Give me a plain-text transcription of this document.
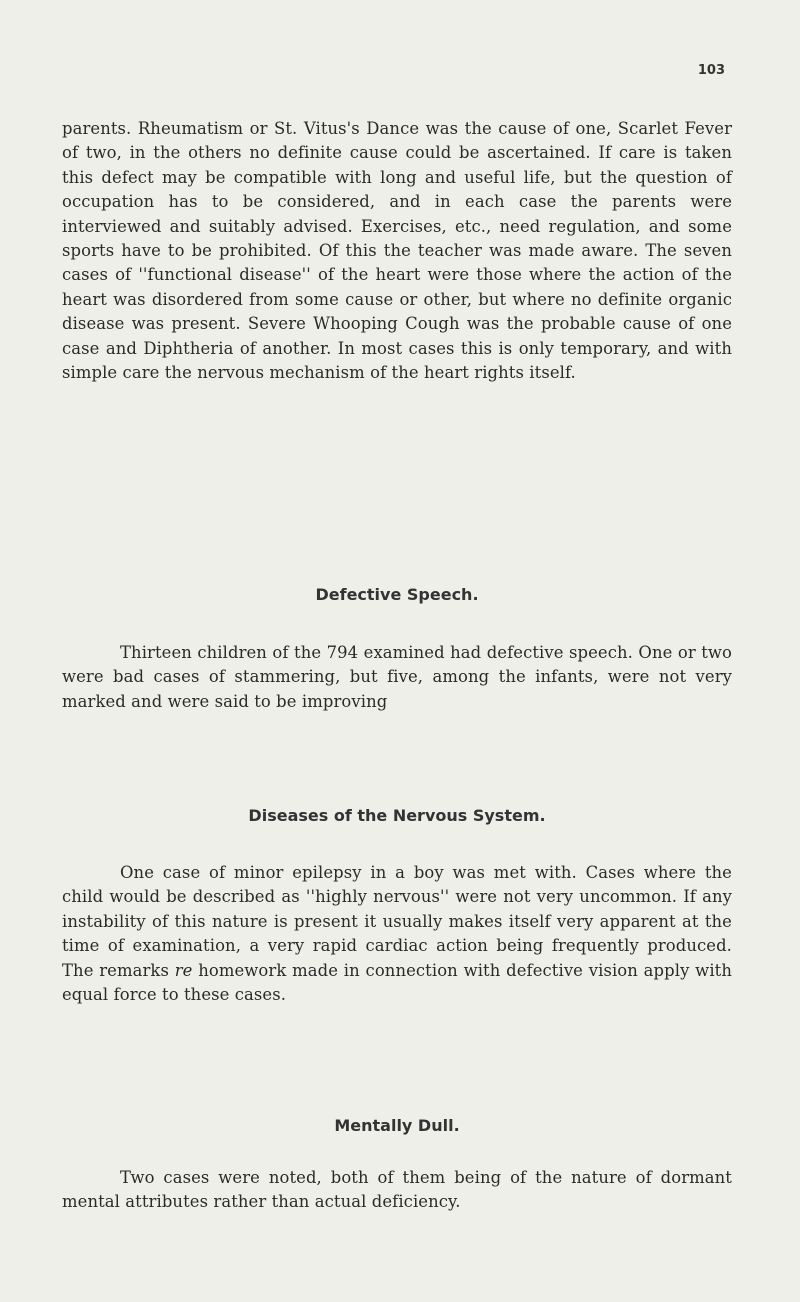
103

parents. Rheumatism or St. Vitus's Dance was the cause of one, Scarlet Fever of two, in the others no definite cause could be ascertained. If care is taken this defect may be compatible with long and useful life, but the question of occupation has to be considered, and in each case the parents were interviewed and suitably advised. Exercises, etc., need regulation, and some sports have to be prohibited. Of this the teacher was made aware. The seven cases of ''functional disease'' of the heart were those where the action of the heart was disordered from some cause or other, but where no definite organic disease was present. Severe Whooping Cough was the probable cause of one case and Diphtheria of another. In most cases this is only temporary, and with simple care the nervous mechanism of the heart rights itself.

Defective Speech.

Thirteen children of the 794 examined had defective speech. One or two were bad cases of stammering, but five, among the infants, were not very marked and were said to be improving

Diseases of the Nervous System.

One case of minor epilepsy in a boy was met with. Cases where the child would be described as ''highly nervous'' were not very uncommon. If any instability of this nature is present it usually makes itself very apparent at the time of examination, a very rapid cardiac action being frequently produced. The remarks re homework made in connection with defective vision apply with equal force to these cases.

Mentally Dull.

Two cases were noted, both of them being of the nature of dormant mental attributes rather than actual deficiency.
